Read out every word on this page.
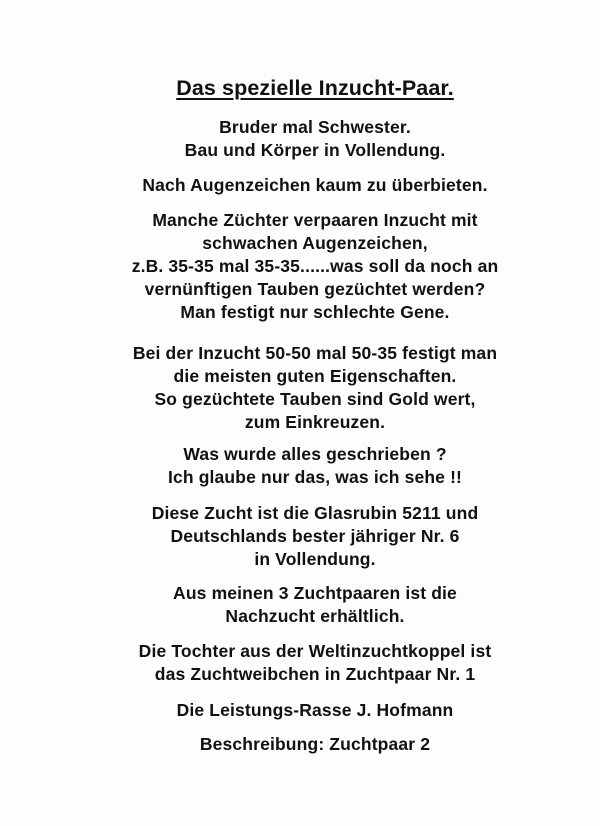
Das spezielle Inzucht-Paar.
Bruder mal Schwester.
Bau und Körper in Vollendung.
Nach Augenzeichen kaum zu überbieten.
Manche Züchter verpaaren Inzucht mit
schwachen Augenzeichen,
z.B. 35-35 mal 35-35......was soll da noch an
vernünftigen Tauben gezüchtet werden?
Man festigt nur schlechte Gene.
Bei der Inzucht 50-50 mal 50-35 festigt man
die meisten guten Eigenschaften.
So gezüchtete Tauben sind Gold wert,
zum Einkreuzen.
Was wurde alles geschrieben ?
Ich glaube nur das, was ich sehe !!
Diese Zucht ist die Glasrubin 5211 und
Deutschlands bester jähriger Nr. 6
in Vollendung.
Aus meinen 3 Zuchtpaaren ist die
Nachzucht erhältlich.
Die Tochter aus der Weltinzuchtkoppel ist
das Zuchtweibchen in Zuchtpaar Nr. 1
Die Leistungs-Rasse J. Hofmann
Beschreibung: Zuchtpaar 2
